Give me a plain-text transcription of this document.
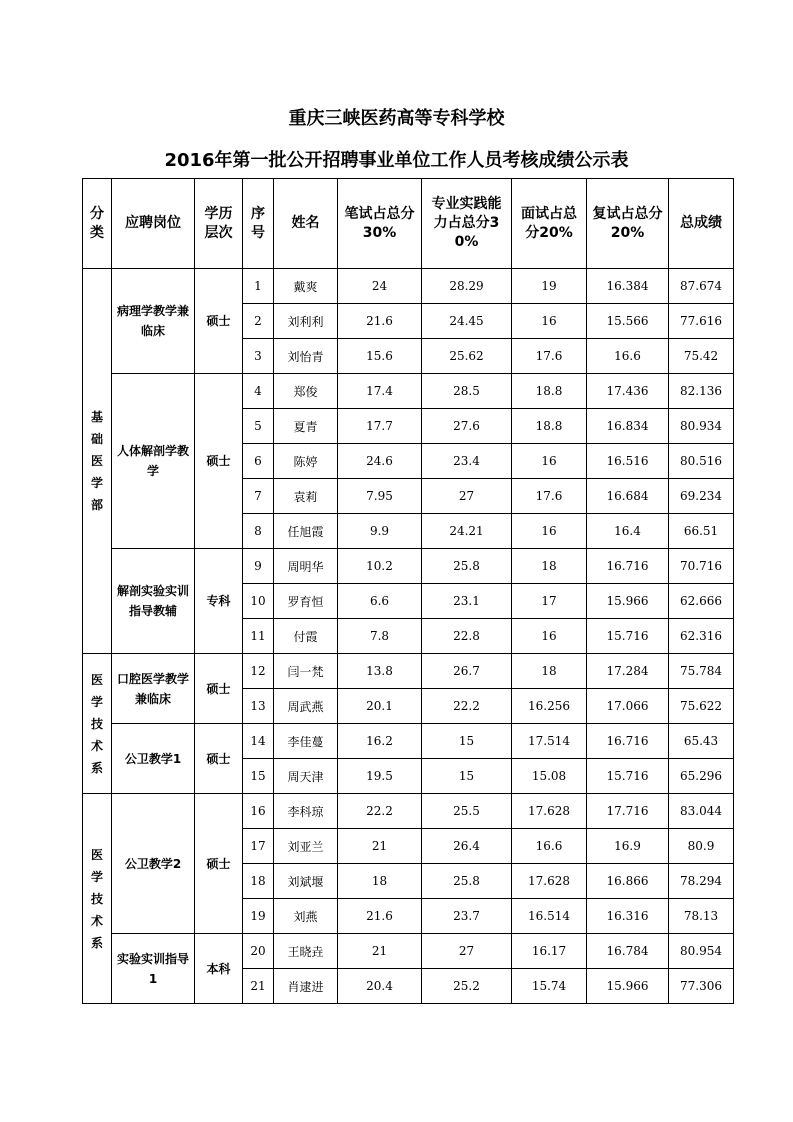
重庆三峡医药高等专科学校
2016年第一批公开招聘事业单位工作人员考核成绩公示表
分类	应聘岗位	学历层次	序号	姓名	笔试占总分30%	专业实践能力占总分30%	面试占总分20%	复试占总分20%	总成绩
基础医学部	病理学教学兼临床	硕士	1	戴爽	24	28.29	19	16.384	87.674
			2	刘利利	21.6	24.45	16	15.566	77.616
			3	刘怡青	15.6	25.62	17.6	16.6	75.42
	人体解剖学教学	硕士	4	郑俊	17.4	28.5	18.8	17.436	82.136
			5	夏青	17.7	27.6	18.8	16.834	80.934
			6	陈婷	24.6	23.4	16	16.516	80.516
			7	袁莉	7.95	27	17.6	16.684	69.234
			8	任旭霞	9.9	24.21	16	16.4	66.51
	解剖实验实训指导教辅	专科	9	周明华	10.2	25.8	18	16.716	70.716
			10	罗育恒	6.6	23.1	17	15.966	62.666
			11	付霞	7.8	22.8	16	15.716	62.316
医学技术系	口腔医学教学兼临床	硕士	12	闫一梵	13.8	26.7	18	17.284	75.784
			13	周武燕	20.1	22.2	16.256	17.066	75.622
	公卫教学1	硕士	14	李佳蔓	16.2	15	17.514	16.716	65.43
			15	周天津	19.5	15	15.08	15.716	65.296
医学技术系	公卫教学2	硕士	16	李科琼	22.2	25.5	17.628	17.716	83.044
			17	刘亚兰	21	26.4	16.6	16.9	80.9
			18	刘斌堰	18	25.8	17.628	16.866	78.294
			19	刘燕	21.6	23.7	16.514	16.316	78.13
	实验实训指导1	本科	20	王晓垚	21	27	16.17	16.784	80.954
			21	肖逮进	20.4	25.2	15.74	15.966	77.306
